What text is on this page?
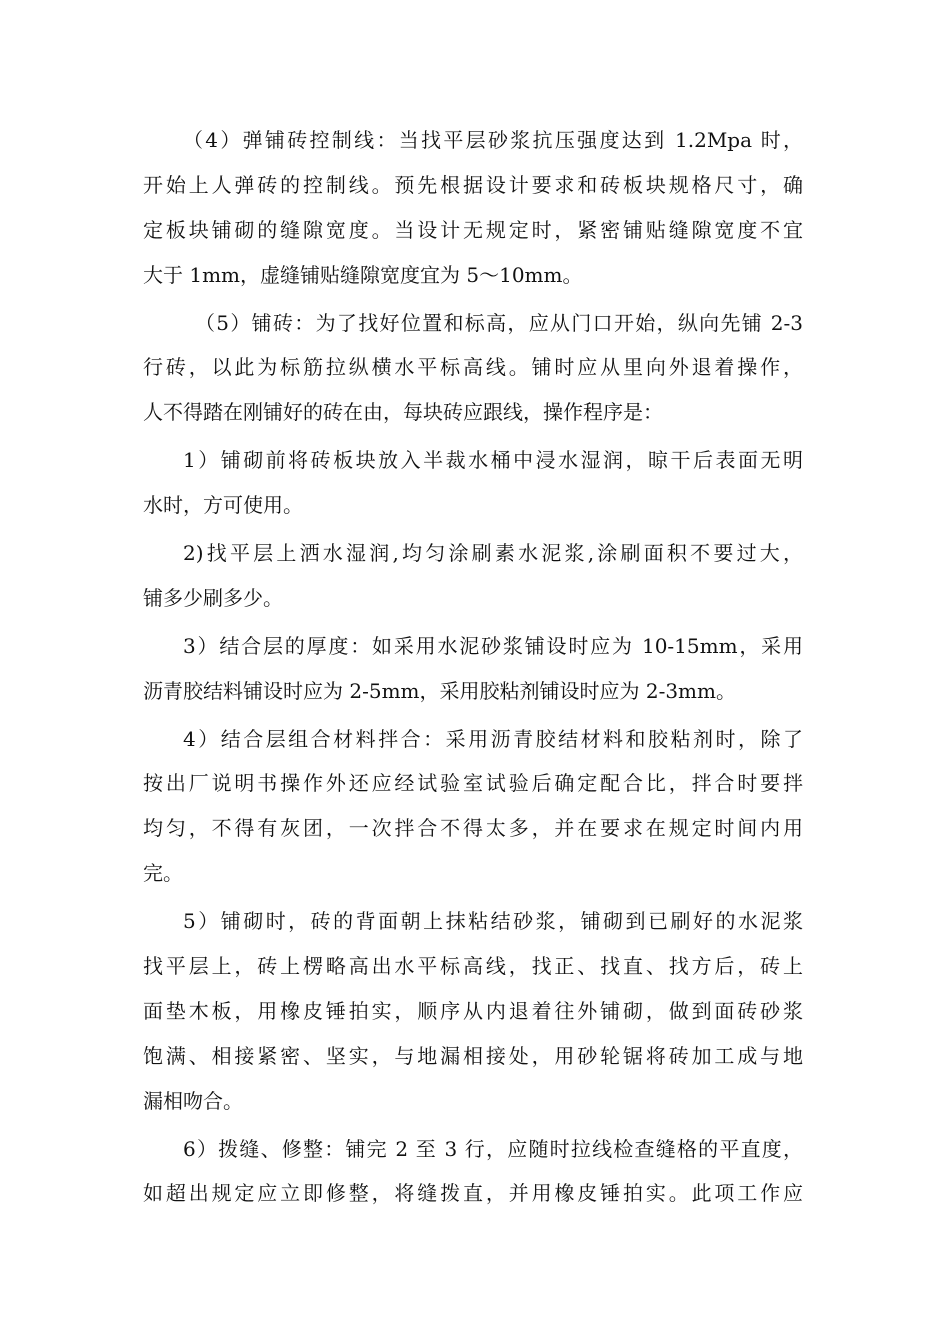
（4）弹铺砖控制线：当找平层砂浆抗压强度达到 1.2Mpa 时，
开始上人弹砖的控制线。预先根据设计要求和砖板块规格尺寸，确
定板块铺砌的缝隙宽度。当设计无规定时，紧密铺贴缝隙宽度不宜
大于 1mm，虚缝铺贴缝隙宽度宜为 5～10mm。
（5）铺砖：为了找好位置和标高，应从门口开始，纵向先铺 2-3
行砖，以此为标筋拉纵横水平标高线。铺时应从里向外退着操作，
人不得踏在刚铺好的砖在由，每块砖应跟线，操作程序是：
1）铺砌前将砖板块放入半裁水桶中浸水湿润，晾干后表面无明
水时，方可使用。
2)找平层上洒水湿润,均匀涂刷素水泥浆,涂刷面积不要过大，
铺多少刷多少。
3）结合层的厚度：如采用水泥砂浆铺设时应为 10-15mm，采用
沥青胶结料铺设时应为 2-5mm，采用胶粘剂铺设时应为 2-3mm。
4）结合层组合材料拌合：采用沥青胶结材料和胶粘剂时，除了
按出厂说明书操作外还应经试验室试验后确定配合比，拌合时要拌
均匀，不得有灰团，一次拌合不得太多，并在要求在规定时间内用
完。
5）铺砌时，砖的背面朝上抹粘结砂浆，铺砌到已刷好的水泥浆
找平层上，砖上楞略高出水平标高线，找正、找直、找方后，砖上
面垫木板，用橡皮锤拍实，顺序从内退着往外铺砌，做到面砖砂浆
饱满、相接紧密、坚实，与地漏相接处，用砂轮锯将砖加工成与地
漏相吻合。
6）拨缝、修整：铺完 2 至 3 行，应随时拉线检查缝格的平直度，
如超出规定应立即修整，将缝拨直，并用橡皮锤拍实。此项工作应
